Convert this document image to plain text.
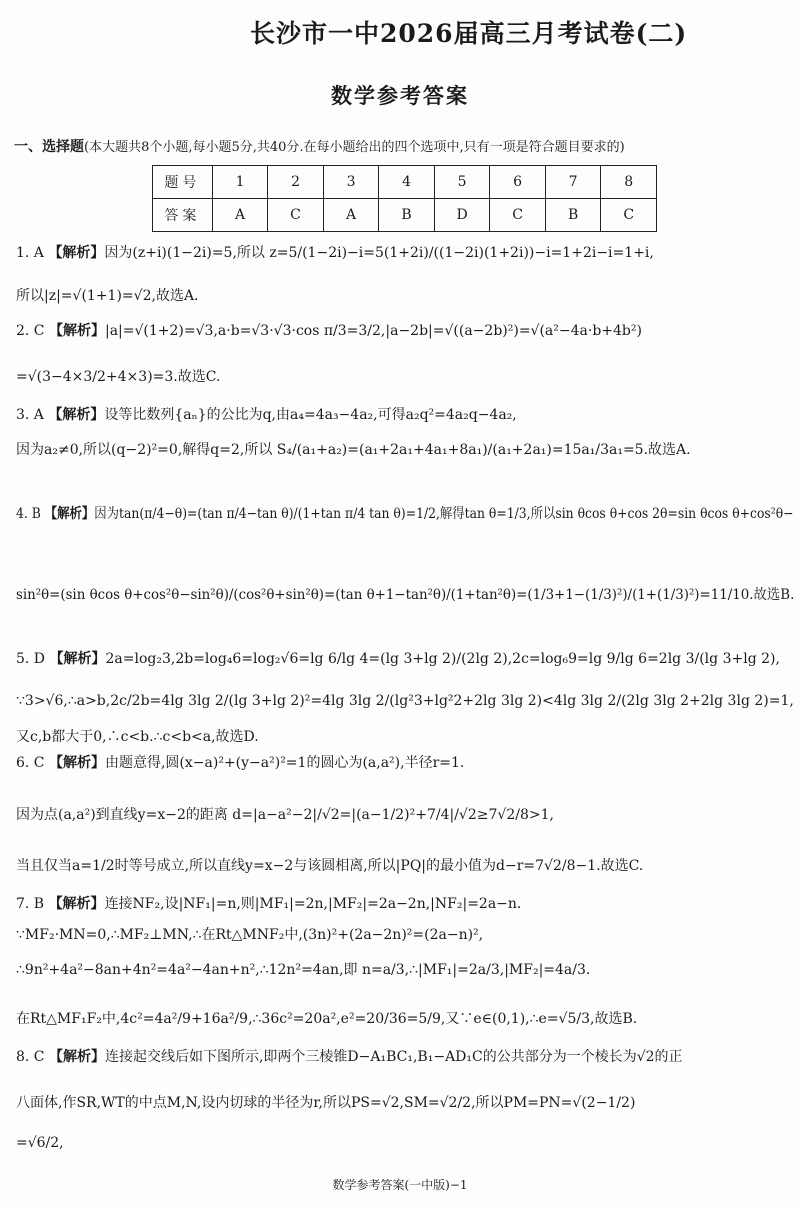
长沙市一中2026届高三月考试卷(二)
数学参考答案
一、选择题(本大题共8个小题,每小题5分,共40分.在每小题给出的四个选项中,只有一项是符合题目要求的)
题号	1	2	3	4	5	6	7	8
答案	A	C	A	B	D	C	B	C
1. A 【解析】因为(z+i)(1−2i)=5,所以 z=5/(1−2i)−i=5(1+2i)/((1−2i)(1+2i))−i=1+2i−i=1+i,
所以|z|=√(1+1)=√2,故选A.
2. C 【解析】|a|=√(1+2)=√3,a·b=√3·√3·cos π/3=3/2,|a−2b|=√((a−2b)²)=√(a²−4a·b+4b²)
=√(3−4×3/2+4×3)=3.故选C.
3. A 【解析】设等比数列{aₙ}的公比为q,由a₄=4a₃−4a₂,可得a₂q²=4a₂q−4a₂,
因为a₂≠0,所以(q−2)²=0,解得q=2,所以 S₄/(a₁+a₂)=(a₁+2a₁+4a₁+8a₁)/(a₁+2a₁)=15a₁/3a₁=5.故选A.
4. B 【解析】因为tan(π/4−θ)=(tan π/4−tan θ)/(1+tan π/4 tan θ)=1/2,解得tan θ=1/3,所以sin θcos θ+cos 2θ=sin θcos θ+cos²θ−
sin²θ=(sin θcos θ+cos²θ−sin²θ)/(cos²θ+sin²θ)=(tan θ+1−tan²θ)/(1+tan²θ)=(1/3+1−(1/3)²)/(1+(1/3)²)=11/10.故选B.
5. D 【解析】2a=log₂3,2b=log₄6=log₂√6=lg 6/lg 4=(lg 3+lg 2)/(2lg 2),2c=log₆9=lg 9/lg 6=2lg 3/(lg 3+lg 2),
∵3>√6,∴a>b,2c/2b=4lg 3lg 2/(lg 3+lg 2)²=4lg 3lg 2/(lg²3+lg²2+2lg 3lg 2)<4lg 3lg 2/(2lg 3lg 2+2lg 3lg 2)=1,
又c,b都大于0,∴c<b.∴c<b<a,故选D.
6. C 【解析】由题意得,圆(x−a)²+(y−a²)²=1的圆心为(a,a²),半径r=1.
因为点(a,a²)到直线y=x−2的距离 d=|a−a²−2|/√2=|(a−1/2)²+7/4|/√2≥7√2/8>1,
当且仅当a=1/2时等号成立,所以直线y=x−2与该圆相离,所以|PQ|的最小值为d−r=7√2/8−1.故选C.
7. B 【解析】连接NF₂,设|NF₁|=n,则|MF₁|=2n,|MF₂|=2a−2n,|NF₂|=2a−n.
∵MF₂·MN=0,∴MF₂⊥MN,∴在Rt△MNF₂中,(3n)²+(2a−2n)²=(2a−n)²,
∴9n²+4a²−8an+4n²=4a²−4an+n²,∴12n²=4an,即 n=a/3,∴|MF₁|=2a/3,|MF₂|=4a/3.
在Rt△MF₁F₂中,4c²=4a²/9+16a²/9,∴36c²=20a²,e²=20/36=5/9,又∵e∈(0,1),∴e=√5/3,故选B.
8. C 【解析】连接起交线后如下图所示,即两个三棱锥D−A₁BC₁,B₁−AD₁C的公共部分为一个棱长为√2的正
八面体,作SR,WT的中点M,N,设内切球的半径为r,所以PS=√2,SM=√2/2,所以PM=PN=√(2−1/2)
=√6/2,
数学参考答案(一中版)−1
